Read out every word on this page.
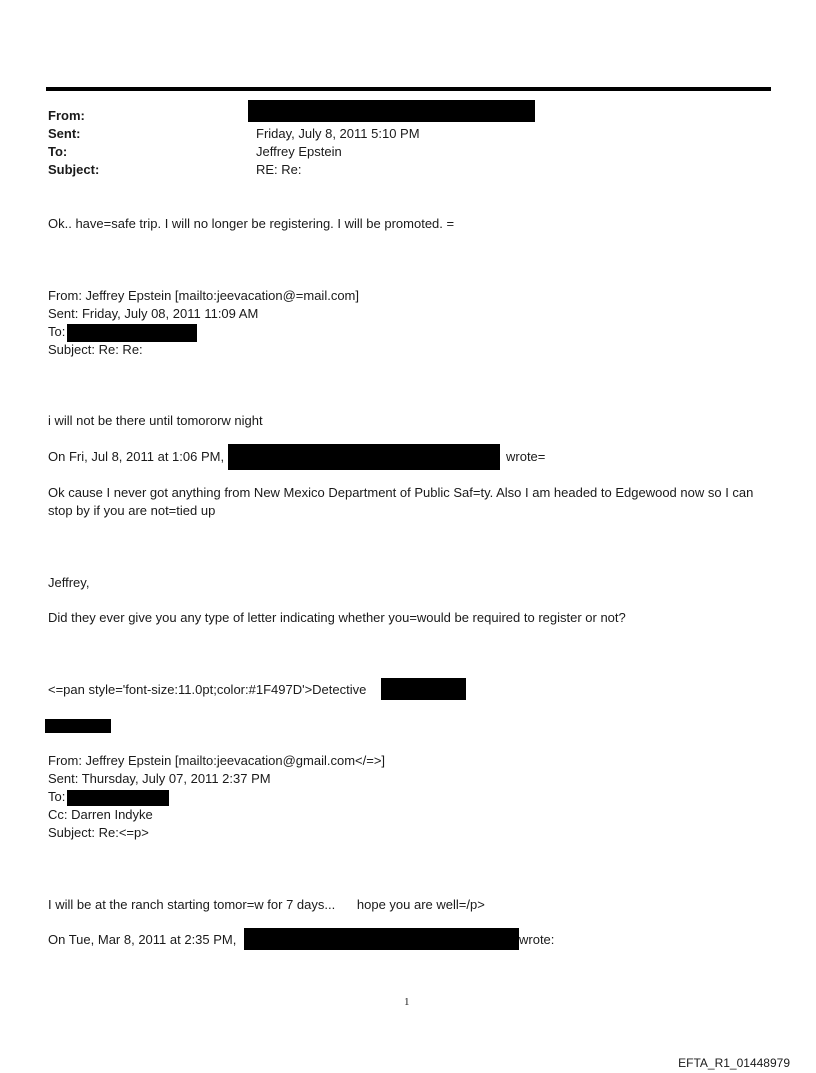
From:
Sent:	Friday, July 8, 2011 5:10 PM
To:	Jeffrey Epstein
Subject:	RE: Re:
Ok.. have=safe trip. I will no longer be registering. I will be promoted. =
From: Jeffrey Epstein [mailto:jeevacation@=mail.com]
Sent: Friday, July 08, 2011 11:09 AM
To:
Subject: Re: Re:
i will not be there until tomororw night
On Fri, Jul 8, 2011 at 1:06 PM,	wrote=
Ok cause I never got anything from New Mexico Department of Public Saf=ty. Also I am headed to Edgewood now so I can stop by if you are not=tied up
Jeffrey,
Did they ever give you any type of letter indicating whether you=would be required to register or not?
<=pan style='font-size:11.0pt;color:#1F497D'>Detective
From: Jeffrey Epstein [mailto:jeevacation@gmail.com</=>]
Sent: Thursday, July 07, 2011 2:37 PM
To:
Cc: Darren Indyke
Subject: Re:<=p>
I will be at the ranch starting tomor=w for 7 days...      hope you are well=/p>
On Tue, Mar 8, 2011 at 2:35 PM,	wrote:
1
EFTA_R1_01448979
